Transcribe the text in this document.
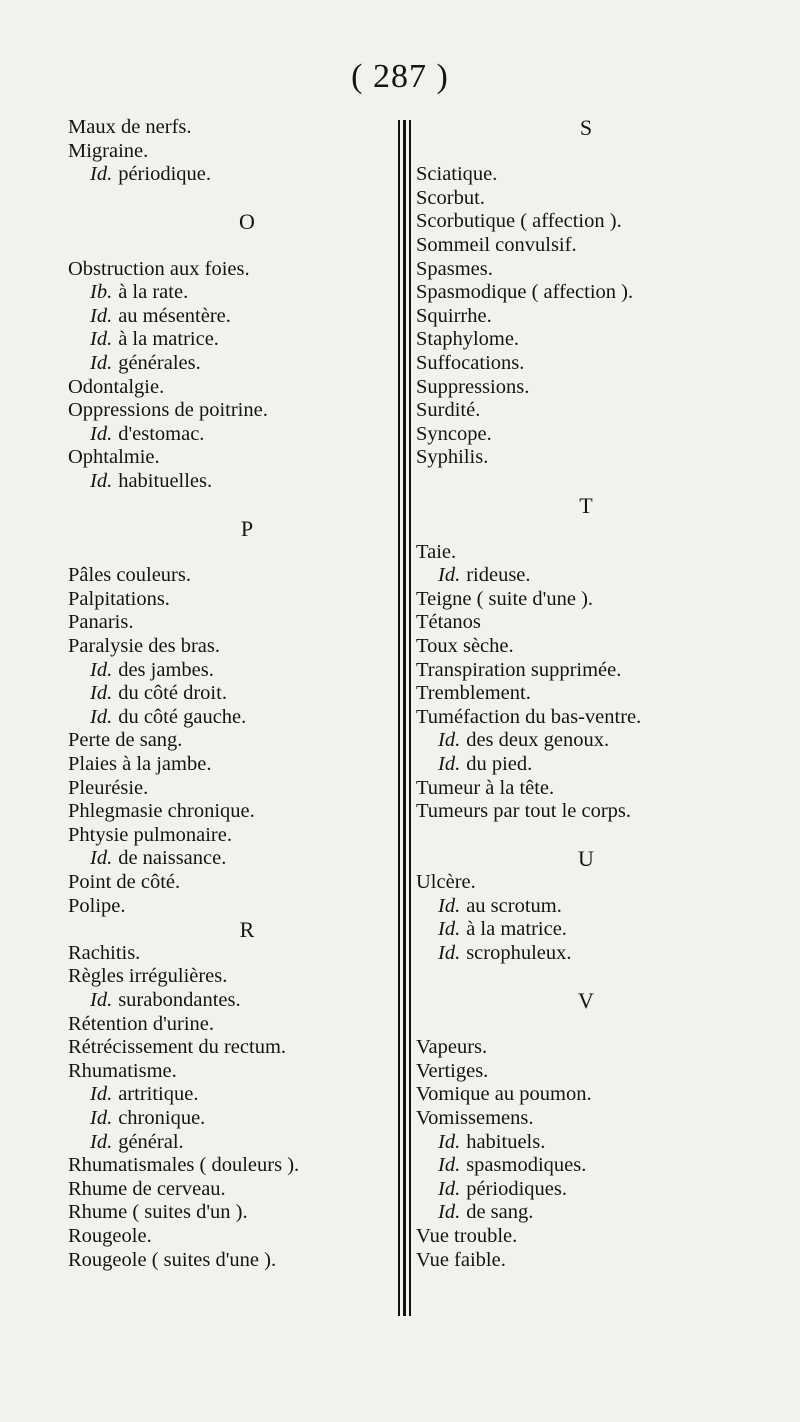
( 287 )
Maux de nerfs.
Migraine.
Id. périodique.
O
Obstruction aux foies.
Ib. à la rate.
Id. au mésentère.
Id. à la matrice.
Id. générales.
Odontalgie.
Oppressions de poitrine.
Id. d'estomac.
Ophtalmie.
Id. habituelles.
P
Pâles couleurs.
Palpitations.
Panaris.
Paralysie des bras.
Id. des jambes.
Id. du côté droit.
Id. du côté gauche.
Perte de sang.
Plaies à la jambe.
Pleurésie.
Phlegmasie chronique.
Phtysie pulmonaire.
Id. de naissance.
Point de côté.
Polipe.
R
Rachitis.
Règles irrégulières.
Id. surabondantes.
Rétention d'urine.
Rétrécissement du rectum.
Rhumatisme.
Id. artritique.
Id. chronique.
Id. général.
Rhumatismales ( douleurs ).
Rhume de cerveau.
Rhume ( suites d'un ).
Rougeole.
Rougeole ( suites d'une ).
S
Sciatique.
Scorbut.
Scorbutique ( affection ).
Sommeil convulsif.
Spasmes.
Spasmodique ( affection ).
Squirrhe.
Staphylome.
Suffocations.
Suppressions.
Surdité.
Syncope.
Syphilis.
T
Taie.
Id. rideuse.
Teigne ( suite d'une ).
Tétanos
Toux sèche.
Transpiration supprimée.
Tremblement.
Tuméfaction du bas-ventre.
Id. des deux genoux.
Id. du pied.
Tumeur à la tête.
Tumeurs par tout le corps.
U
Ulcère.
Id. au scrotum.
Id. à la matrice.
Id. scrophuleux.
V
Vapeurs.
Vertiges.
Vomique au poumon.
Vomissemens.
Id. habituels.
Id. spasmodiques.
Id. périodiques.
Id. de sang.
Vue trouble.
Vue faible.
